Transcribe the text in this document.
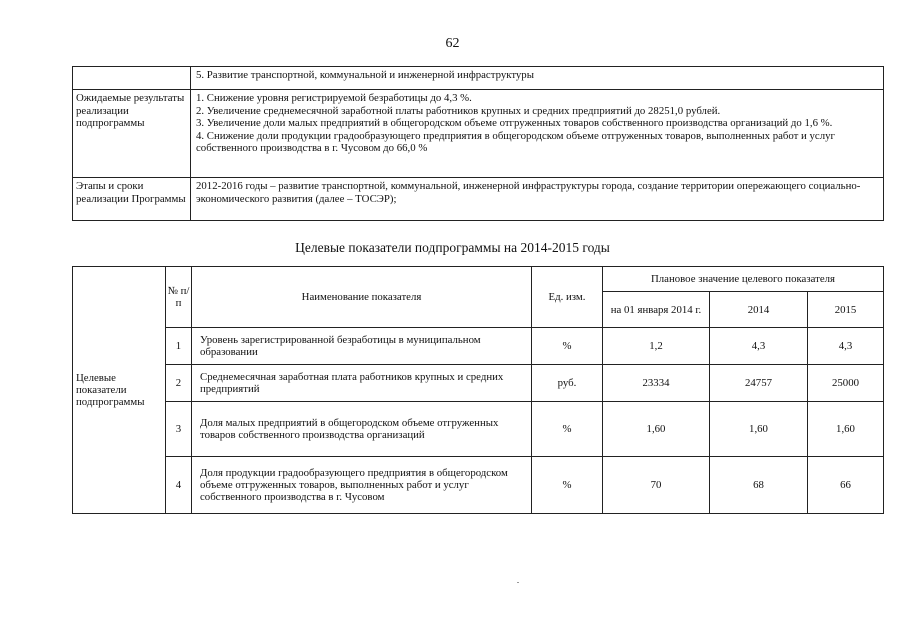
62

	5. Развитие транспортной, коммунальной и инженерной инфраструктуры

Ожидаемые результаты реализации подпрограммы	1. Снижение уровня регистрируемой безработицы до 4,3 %.

2. Увеличение среднемесячной заработной платы работников крупных и средних предприятий до 28251,0 рублей.

3. Увеличение доли малых предприятий в общегородском объеме отгруженных товаров собственного производства организаций до 1,6 %.

4. Снижение доли продукции градообразующего предприятия в общегородском объеме отгруженных товаров, выполненных работ и услуг собственного производства в г. Чусовом до 66,0 %

Этапы и сроки реализации Программы	2012-2016 годы – развитие транспортной, коммунальной, инженерной инфраструктуры города, создание территории опережающего социально-экономического развития (далее – ТОСЭР);

Целевые показатели подпрограммы на 2014-2015 годы
Целевые показатели подпрограммы	№ п/п	Наименование показателя	Ед. изм.	Плановое значение целевого показателя		
				на 01 января 2014 г.	2014	2015
	1	Уровень зарегистрированной безработицы в муниципальном образовании	%	1,2	4,3	4,3
	2	Среднемесячная заработная плата работников крупных и средних предприятий	руб.	23334	24757	25000
	3	Доля малых предприятий в общегородском объеме отгруженных товаров собственного производства организаций	%	1,60	1,60	1,60
	4	Доля продукции градообразующего предприятия в общегородском объеме отгруженных товаров, выполненных работ и услуг собственного производства в г. Чусовом	%	70	68	66
